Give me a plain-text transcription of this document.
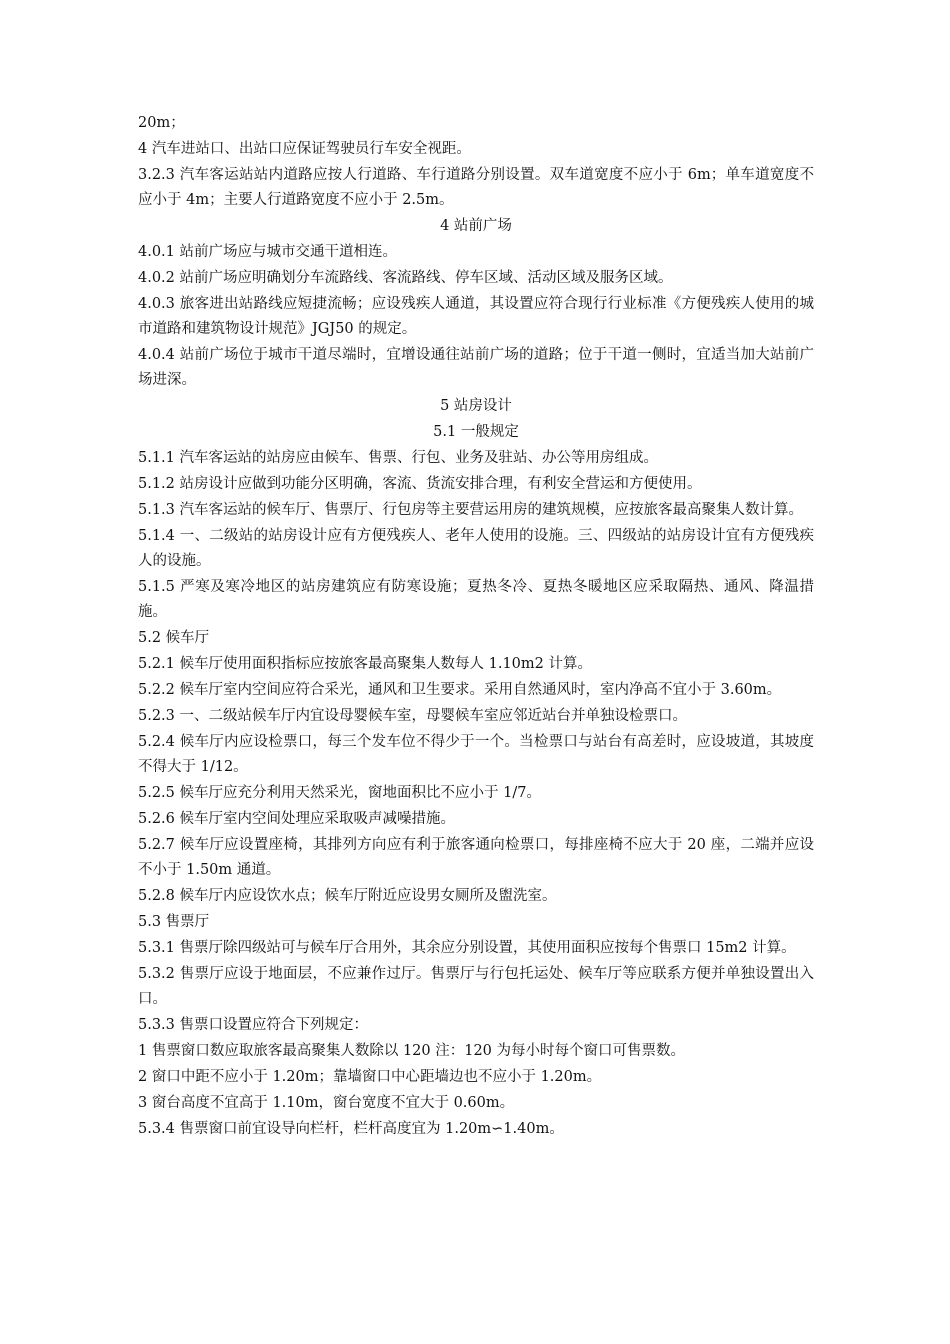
20m；
4 汽车进站口、出站口应保证驾驶员行车安全视距。
3.2.3 汽车客运站站内道路应按人行道路、车行道路分别设置。双车道宽度不应小于 6m；单车道宽度不应小于 4m；主要人行道路宽度不应小于 2.5m。
4 站前广场
4.0.1 站前广场应与城市交通干道相连。
4.0.2 站前广场应明确划分车流路线、客流路线、停车区域、活动区域及服务区域。
4.0.3 旅客进出站路线应短捷流畅；应设残疾人通道，其设置应符合现行行业标准《方便残疾人使用的城市道路和建筑物设计规范》JGJ50 的规定。
4.0.4 站前广场位于城市干道尽端时，宜增设通往站前广场的道路；位于干道一侧时，宜适当加大站前广场进深。
5 站房设计
5.1 一般规定
5.1.1 汽车客运站的站房应由候车、售票、行包、业务及驻站、办公等用房组成。
5.1.2 站房设计应做到功能分区明确，客流、货流安排合理，有利安全营运和方便使用。
5.1.3 汽车客运站的候车厅、售票厅、行包房等主要营运用房的建筑规模，应按旅客最高聚集人数计算。
5.1.4 一、二级站的站房设计应有方便残疾人、老年人使用的设施。三、四级站的站房设计宜有方便残疾人的设施。
5.1.5 严寒及寒冷地区的站房建筑应有防寒设施；夏热冬冷、夏热冬暖地区应采取隔热、通风、降温措施。
5.2 候车厅
5.2.1 候车厅使用面积指标应按旅客最高聚集人数每人 1.10m2 计算。
5.2.2 候车厅室内空间应符合采光，通风和卫生要求。采用自然通风时，室内净高不宜小于 3.60m。
5.2.3 一、二级站候车厅内宜设母婴候车室，母婴候车室应邻近站台并单独设检票口。
5.2.4 候车厅内应设检票口，每三个发车位不得少于一个。当检票口与站台有高差时，应设坡道，其坡度不得大于 1/12。
5.2.5 候车厅应充分利用天然采光，窗地面积比不应小于 1/7。
5.2.6 候车厅室内空间处理应采取吸声减噪措施。
5.2.7 候车厅应设置座椅，其排列方向应有利于旅客通向检票口，每排座椅不应大于 20 座，二端并应设不小于 1.50m 通道。
5.2.8 候车厅内应设饮水点；候车厅附近应设男女厕所及盥洗室。
5.3 售票厅
5.3.1 售票厅除四级站可与候车厅合用外，其余应分别设置，其使用面积应按每个售票口 15m2 计算。
5.3.2 售票厅应设于地面层，不应兼作过厅。售票厅与行包托运处、候车厅等应联系方便并单独设置出入口。
5.3.3 售票口设置应符合下列规定：
1 售票窗口数应取旅客最高聚集人数除以 120 注：120 为每小时每个窗口可售票数。
2 窗口中距不应小于 1.20m；靠墙窗口中心距墙边也不应小于 1.20m。
3 窗台高度不宜高于 1.10m，窗台宽度不宜大于 0.60m。
5.3.4 售票窗口前宜设导向栏杆，栏杆高度宜为 1.20m∽1.40m。
